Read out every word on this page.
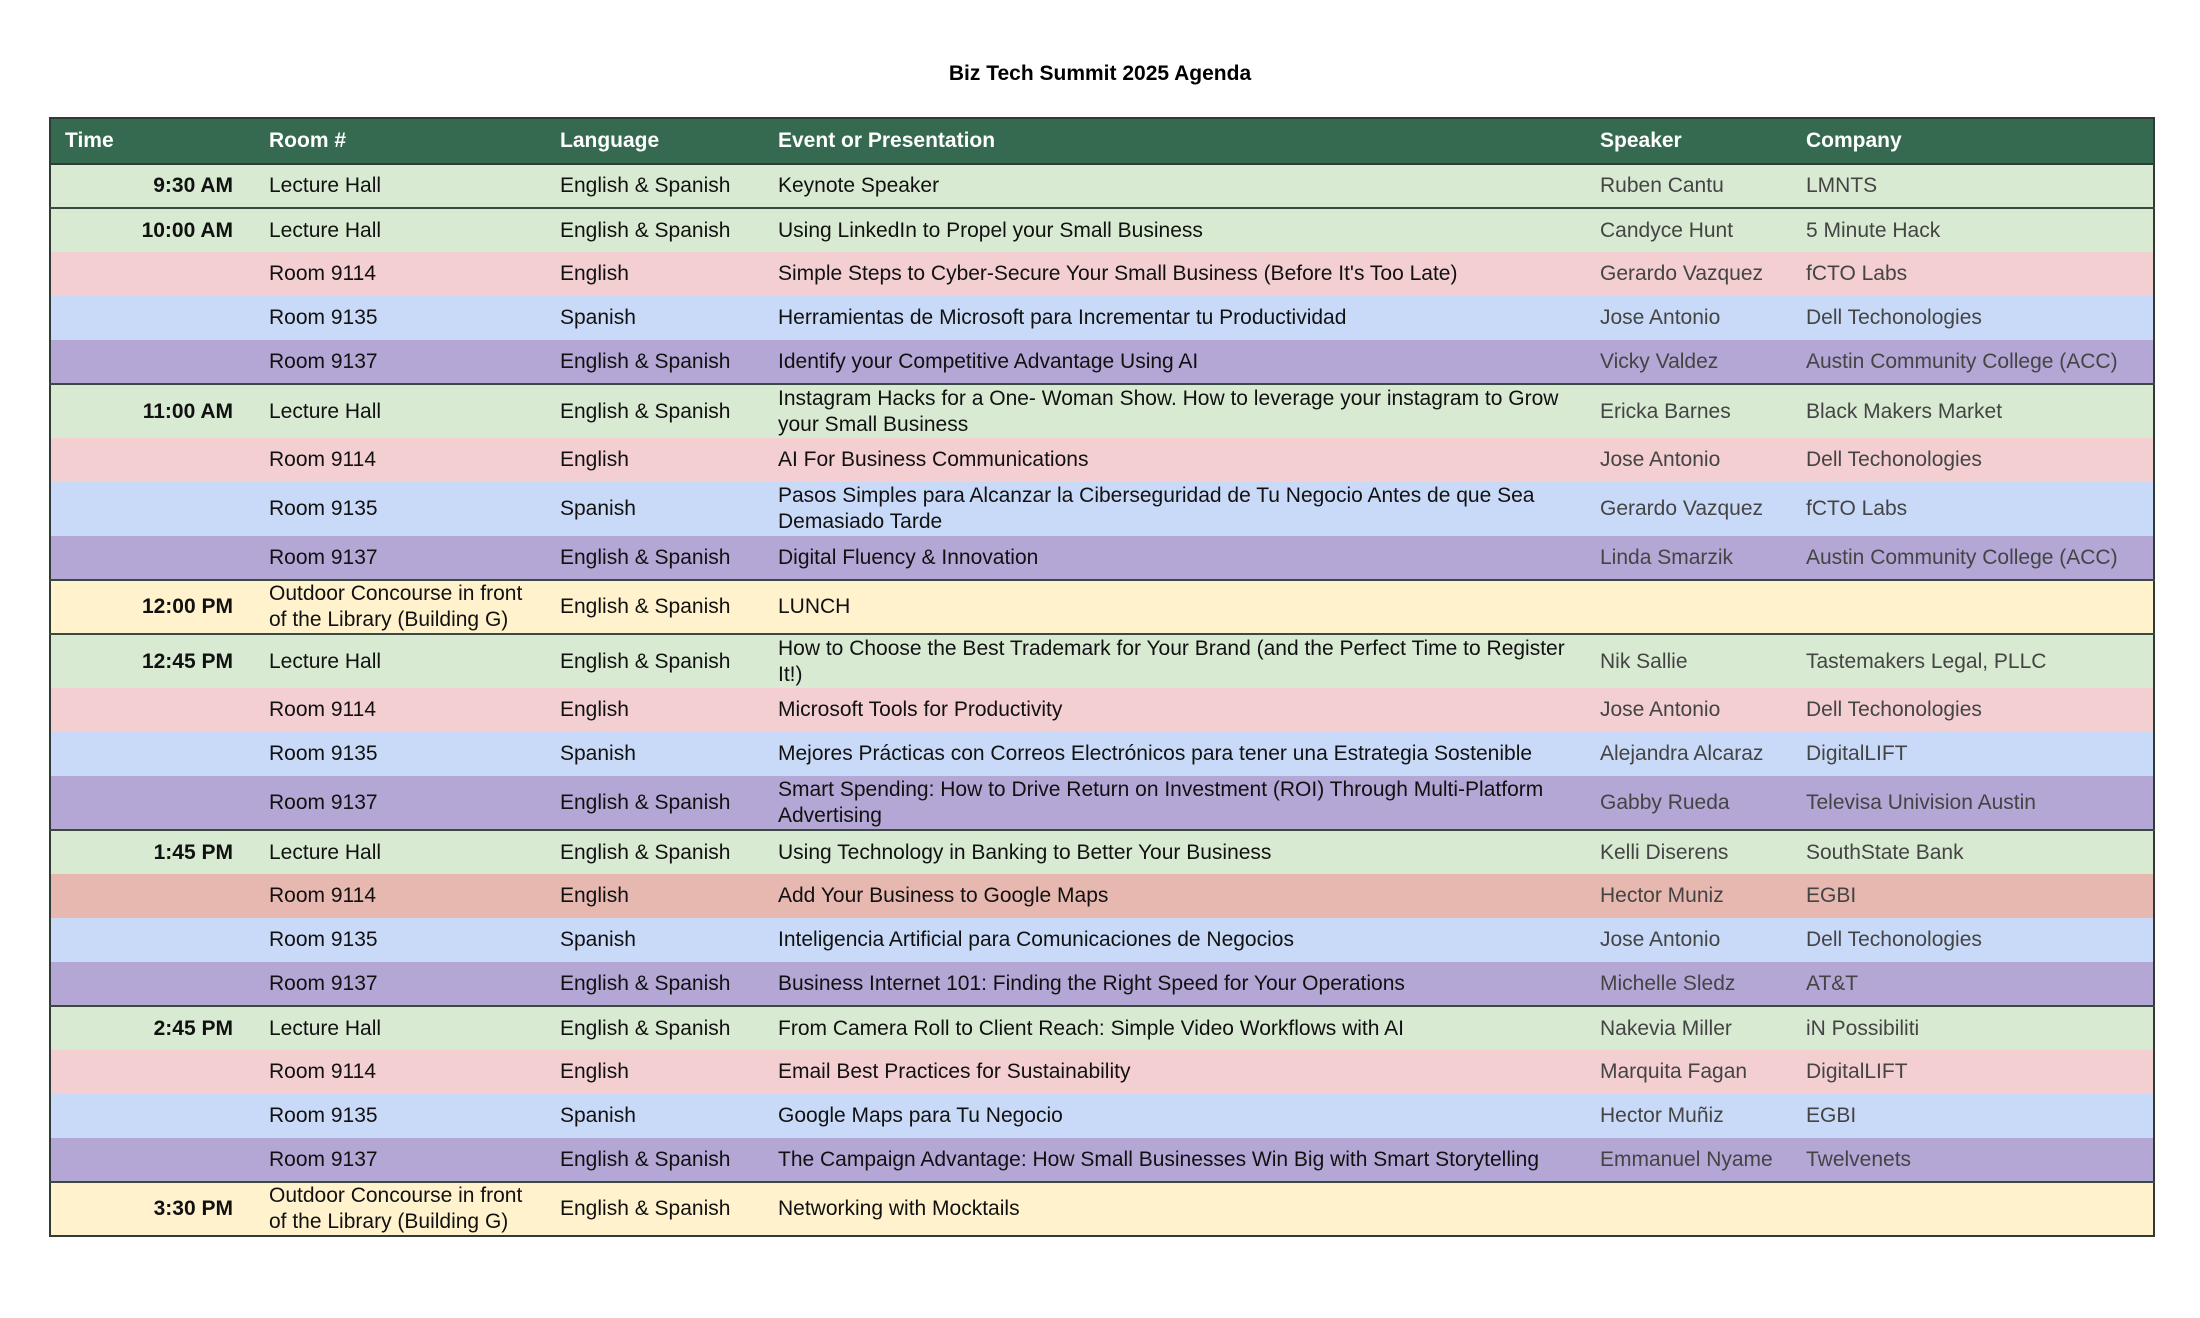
Biz Tech Summit 2025 Agenda
Time	Room #	Language	Event or Presentation	Speaker	Company
9:30 AM	Lecture Hall	English & Spanish	Keynote Speaker	Ruben Cantu	LMNTS
10:00 AM	Lecture Hall	English & Spanish	Using LinkedIn to Propel your Small Business	Candyce Hunt	5 Minute Hack
	Room 9114	English	Simple Steps to Cyber-Secure Your Small Business (Before It's Too Late)	Gerardo Vazquez	fCTO Labs
	Room 9135	Spanish	Herramientas de Microsoft para Incrementar tu Productividad	Jose Antonio	Dell Techonologies
	Room 9137	English & Spanish	Identify your Competitive Advantage Using AI	Vicky Valdez	Austin Community College (ACC)
11:00 AM	Lecture Hall	English & Spanish	Instagram Hacks for a One- Woman Show. How to leverage your instagram to Grow your Small Business	Ericka Barnes	Black Makers Market
	Room 9114	English	AI For Business Communications	Jose Antonio	Dell Techonologies
	Room 9135	Spanish	Pasos Simples para Alcanzar la Ciberseguridad de Tu Negocio Antes de que Sea Demasiado Tarde	Gerardo Vazquez	fCTO Labs
	Room 9137	English & Spanish	Digital Fluency & Innovation	Linda Smarzik	Austin Community College (ACC)
12:00 PM	Outdoor Concourse in front of the Library (Building G)	English & Spanish	LUNCH		
12:45 PM	Lecture Hall	English & Spanish	How to Choose the Best Trademark for Your Brand (and the Perfect Time to Register It!)	Nik Sallie	Tastemakers Legal, PLLC
	Room 9114	English	Microsoft Tools for Productivity	Jose Antonio	Dell Techonologies
	Room 9135	Spanish	Mejores Prácticas con Correos Electrónicos para tener una Estrategia Sostenible	Alejandra Alcaraz	DigitalLIFT
	Room 9137	English & Spanish	Smart Spending: How to Drive Return on Investment (ROI) Through Multi-Platform Advertising	Gabby Rueda	Televisa Univision Austin
1:45 PM	Lecture Hall	English & Spanish	Using Technology in Banking to Better Your Business	Kelli Diserens	SouthState Bank
	Room 9114	English	Add Your Business to Google Maps	Hector Muniz	EGBI
	Room 9135	Spanish	Inteligencia Artificial para Comunicaciones de Negocios	Jose Antonio	Dell Techonologies
	Room 9137	English & Spanish	Business Internet 101: Finding the Right Speed for Your Operations	Michelle Sledz	AT&T
2:45 PM	Lecture Hall	English & Spanish	From Camera Roll to Client Reach: Simple Video Workflows with AI	Nakevia Miller	iN Possibiliti
	Room 9114	English	Email Best Practices for Sustainability	Marquita Fagan	DigitalLIFT
	Room 9135	Spanish	Google Maps para Tu Negocio	Hector Muñiz	EGBI
	Room 9137	English & Spanish	The Campaign Advantage: How Small Businesses Win Big with Smart Storytelling	Emmanuel Nyame	Twelvenets
3:30 PM	Outdoor Concourse in front of the Library (Building G)	English & Spanish	Networking with Mocktails		
